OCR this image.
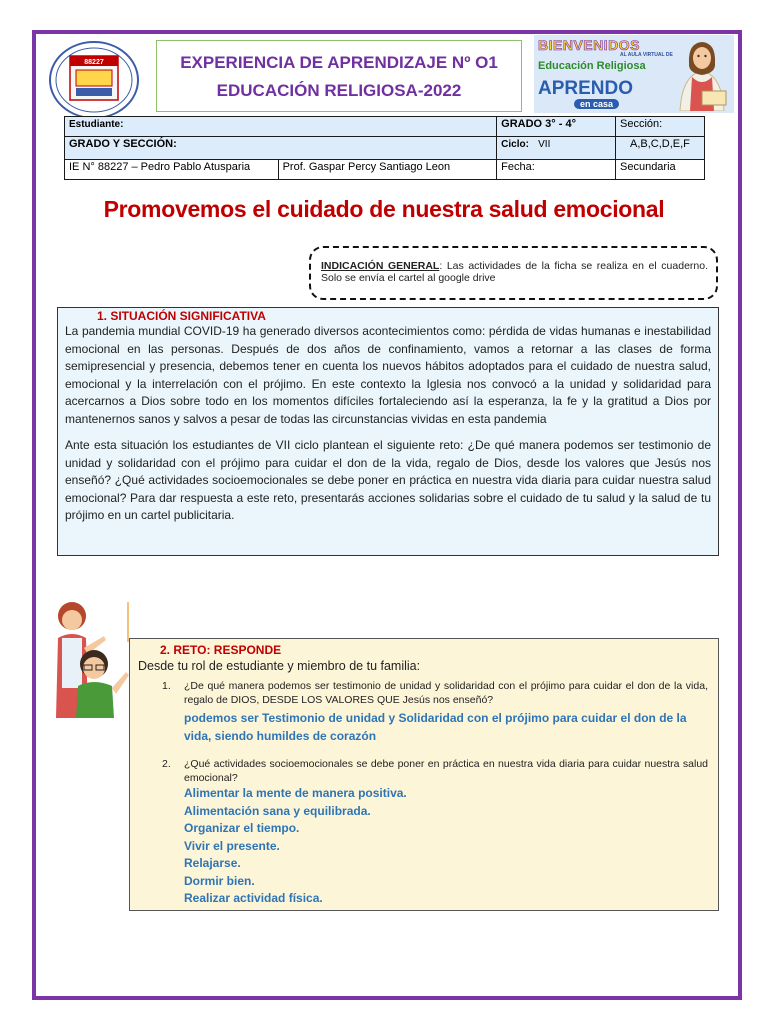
88227	EXPERIENCIA DE APRENDIZAJE Nº O1
EDUCACIÓN RELIGIOSA-2022
BIENVENIDOS
AL AULA VIRTUAL DE
Educación Religiosa
APRENDO
en casa
Estudiante:		GRADO 3° - 4°	Sección:
GRADO Y SECCIÓN:		Ciclo: VII	A,B,C,D,E,F
IE N° 88227 – Pedro Pablo Atusparia	Prof. Gaspar Percy Santiago Leon	Fecha:	Secundaria
Promovemos el cuidado de nuestra salud emocional
INDICACIÓN GENERAL: Las actividades de la ficha se realiza en el cuaderno. Solo se envía el cartel al google drive
1. SITUACIÓN SIGNIFICATIVA

La pandemia mundial COVID-19 ha generado diversos acontecimientos como: pérdida de vidas humanas e inestabilidad emocional en las personas. Después de dos años de confinamiento, vamos a retornar a las clases de forma semipresencial y presencia, debemos tener en cuenta los nuevos hábitos adoptados para el cuidado de nuestra salud, emocional y la interrelación con el prójimo. En este contexto la Iglesia nos convocó a la unidad y solidaridad para acercarnos a Dios sobre todo en los momentos difíciles fortaleciendo así la esperanza, la fe y la gratitud a Dios por mantenernos sanos y salvos a pesar de todas las circunstancias vividas en esta pandemia

Ante esta situación los estudiantes de VII ciclo plantean el siguiente reto: ¿De qué manera podemos ser testimonio de unidad y solidaridad con el prójimo para cuidar el don de la vida, regalo de Dios, desde los valores que Jesús nos enseñó? ¿Qué actividades socioemocionales se debe poner en práctica en nuestra vida diaria para cuidar nuestra salud emocional? Para dar respuesta a este reto, presentarás acciones solidarias sobre el cuidado de tu salud y la salud de tu prójimo en un cartel publicitaria.

2. RETO: RESPONDE
Desde tu rol de estudiante y miembro de tu familia:
1.	¿De qué manera podemos ser testimonio de unidad y solidaridad con el prójimo para cuidar el don de la vida, regalo de DIOS, DESDE LOS VALORES QUE Jesús nos enseñó?
podemos ser Testimonio de unidad y Solidaridad con el prójimo para cuidar el don de la vida, siendo humildes de corazón
2.	¿Qué actividades socioemocionales se debe poner en práctica en nuestra vida diaria para cuidar nuestra salud emocional?
Alimentar la mente de manera positiva.
Alimentación sana y equilibrada.
Organizar el tiempo.
Vivir el presente.
Relajarse.
Dormir bien.
Realizar actividad física.
